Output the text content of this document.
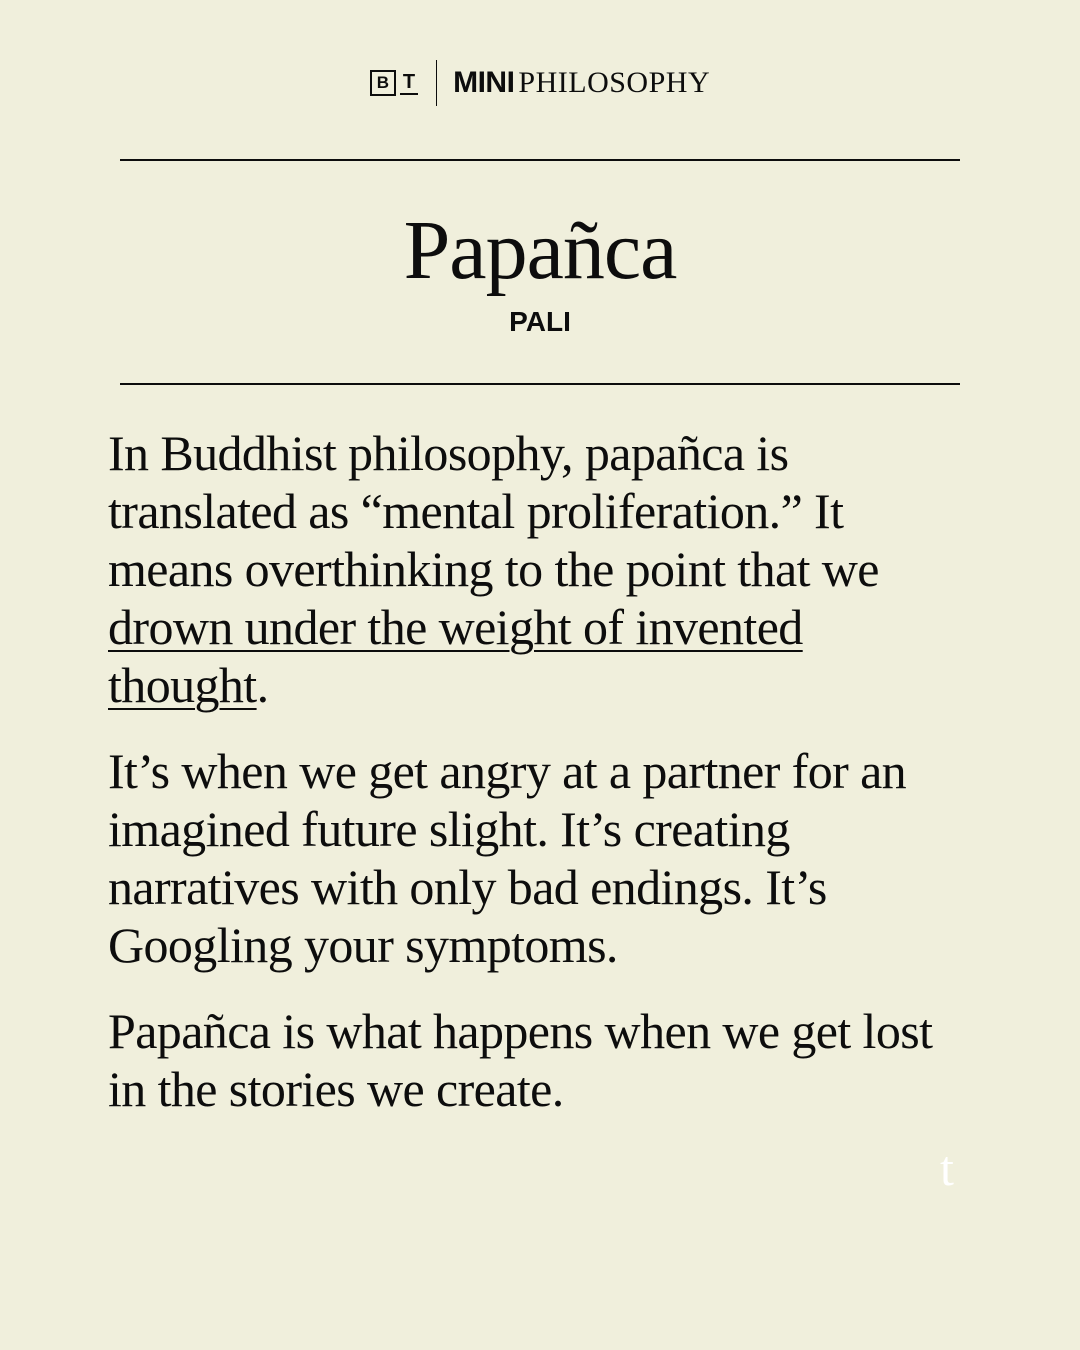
B T MINI PHILOSOPHY
Papañca
PALI

In Buddhist philosophy, papañca is translated as “mental proliferation.” It means overthinking to the point that we drown under the weight of invented thought.

It’s when we get angry at a partner for an imagined future slight. It’s creating narratives with only bad endings. It’s Googling your symptoms.

Papañca is what happens when we get lost in the stories we create.

t
